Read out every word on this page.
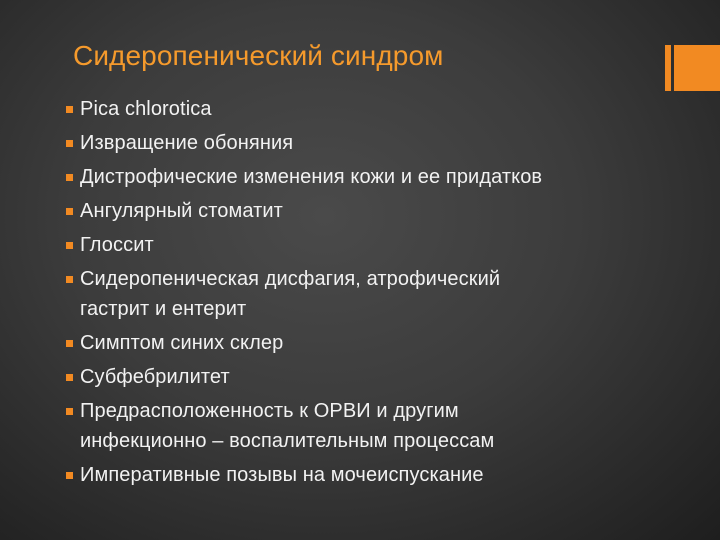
Сидеропенический синдром
Pica chlorotica
Извращение обоняния
Дистрофические изменения кожи и ее придатков
Ангулярный стоматит
Глоссит
Сидеропеническая дисфагия, атрофический
гастрит и ентерит
Симптом синих склер
Субфебрилитет
Предрасположенность к ОРВИ и другим
инфекционно – воспалительным процессам
Императивные позывы на мочеиспускание
